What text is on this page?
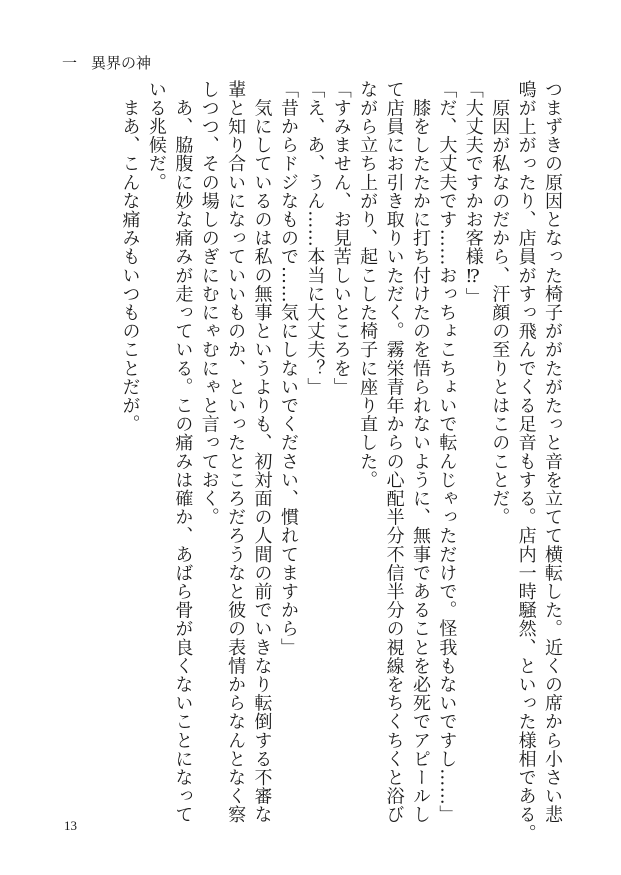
一 異界の神
つまずきの原因となった椅子ががたがたっと音を立てて横転した。近くの席から小さい悲
鳴が上がったり、店員がすっ飛んでくる足音もする。店内一時騒然、といった様相である。
　原因が私なのだから、汗顔の至りとはこのことだ。
「大丈夫ですかお客様⁉」
「だ、大丈夫です……おっちょこちょいで転んじゃっただけで。怪我もないですし……」
　膝をしたたかに打ち付けたのを悟られないように、無事であることを必死でアピールし
て店員にお引き取りいただく。霧栄青年からの心配半分不信半分の視線をちくちくと浴び
ながら立ち上がり、起こした椅子に座り直した。
「すみません、お見苦しいところを」
「え、あ、うん……本当に大丈夫？」
「昔からドジなもので……気にしないでください、慣れてますから」
　気にしているのは私の無事というよりも、初対面の人間の前でいきなり転倒する不審な
輩と知り合いになっていいものか、といったところだろうなと彼の表情からなんとなく察
しつつ、その場しのぎにむにゃむにゃと言っておく。
　あ、脇腹に妙な痛みが走っている。この痛みは確か、あばら骨が良くないことになって
いる兆候だ。
　まあ、こんな痛みもいつものことだが。
13
